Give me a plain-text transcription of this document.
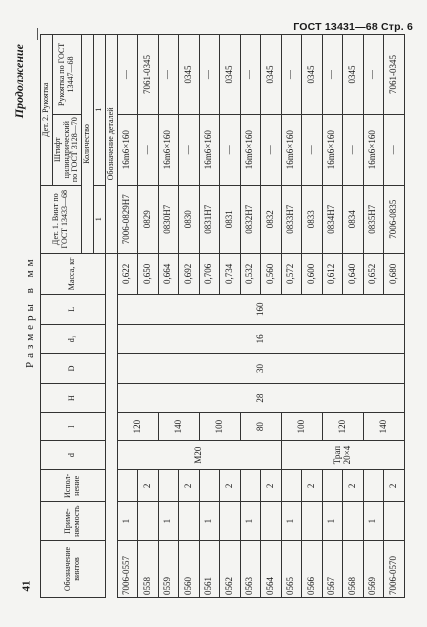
ГОСТ 13431—68 Стр. 6
41
Продолжение
Размеры в мм
Обозначение винтов	Приме-няемость	Испол-нение	d	l	H	D	d₁	L	Масса, кг	Дет. 1. Винт по ГОСТ 13433—68	Дет. 2. Рукоятка	
											Штифт цилиндрический по ГОСТ 3128—70	Рукоятка по ГОСТ 13447—68
										Количество		
										1	1	
										Обозначение деталей		
7006-0557	1		M20	120	28	30	16	160	0,622	7006-0829Н7	16m6×160	—
0558		2							0,650	0829	—	7061-0345
0559	1			140					0,664	0830Н7	16m6×160	—
0560		2							0,692	0830	—	0345
0561	1			100					0,706	0831Н7	16m6×160	—
0562		2							0,734	0831	—	0345
0563	1			80					0,532	0832Н7	16m6×160	—
0564		2							0,560	0832	—	0345
0565	1		Трап 20×4	100					0,572	0833Н7	16m6×160	—
0566		2							0,600	0833	—	0345
0567	1			120					0,612	0834Н7	16m6×160	—
0568		2							0,640	0834	—	0345
0569	1			140					0,652	0835Н7	16m6×160	—
7006-0570		2							0,680	7006-0835	—	7061-0345
